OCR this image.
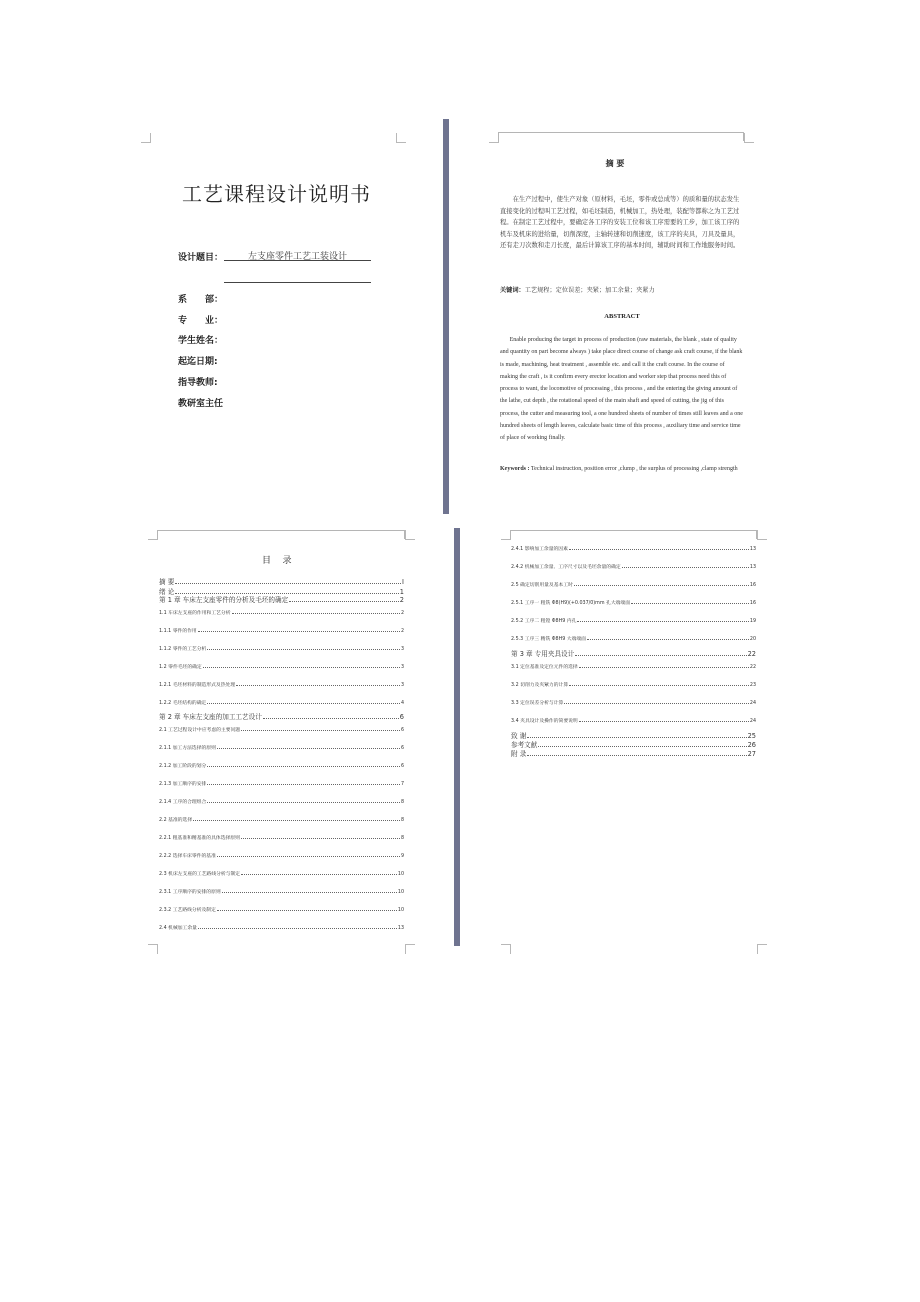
工艺课程设计说明书
设计题目：	左支座零件工艺工装设计
系　　部：
专　　业：
学生姓名：
起迄日期:
指导教师:
教研室主任
摘 要
在生产过程中，使生产对象（原材料，毛坯，零件或总成等）的质和量的状态发生直接变化的过程叫工艺过程，如毛坯制造，机械加工，热处理，装配等都称之为工艺过程。在制定工艺过程中，要确定各工序的安装工位和该工序需要的工步，加工该工序的机车及机床的进给量，切削深度，主轴转速和切削速度，该工序的夹具，刀具及量具，还有走刀次数和走刀长度，最后计算该工序的基本时间，辅助时间和工作地服务时间。
关键词：工艺规程；定位误差；夹紧；加工余量；夹紧力
ABSTRACT
Enable producing the target in process of production (raw materials, the blank , state of quality and quantity on part become always ) take place direct course of change ask craft course, if the blank is made, machining, heat treatment , assemble etc. and call it the craft course. In the course of making the craft , is it confirm every erector location and worker step that process need this of process to want, the locomotive of processing , this process , and the entering the giving amount of the lathe, cut depth , the rotational speed of the main shaft and speed of cutting, the jig of this process, the cutter and measuring tool, a one hundred sheets of number of times still leaves and a one hundred sheets of length leaves, calculate basic time of this process , auxiliary time and service time of place of working finally.
Keywords : Technical instruction, position error ,clump , the surplus of processing ,clamp strength
目    录
摘 要	I
绪 论	1
第 1 章 车床左支座零件的分析及毛坯的确定	2
1.1 车床左支座的作用和工艺分析	2
1.1.1 零件的作用	2
1.1.2 零件的工艺分析	3
1.2 零件毛坯的确定	3
1.2.1 毛坯材料的制造形式及热处理	3
1.2.2 毛坯结构的确定	4
第 2 章 车床左支座的加工工艺设计	6
2.1 工艺过程设计中应考虑的主要问题	6
2.1.1 加工方法选择的原则	6
2.1.2 加工阶段的划分	6
2.1.3 加工顺序的安排	7
2.1.4 工序的合理组合	8
2.2 基准的选择	8
2.2.1 粗基准和精基准的具体选择原则	8
2.2.2 选择车床零件的基准	9
2.3 机床左支座的工艺路线分析与制定	10
2.3.1 工序顺序的安排的原则	10
2.3.2 工艺路线分析及制定	10
2.4 机械加工余量	13
2.4.1 影响加工余量的因素	13
2.4.2 机械加工余量、工序尺寸以及毛坯余量的确定	13
2.5 确定切削用量及基本工时	16
2.5.1 工序一 粗铣 Φ8(H9)(+0.037/0)mm 孔大端端面	16
2.5.2 工序二 粗镗 Φ8H9 内孔	19
2.5.3 工序三 精铣 Φ8H9 大端端面	20
第 3 章 专用夹具设计	22
3.1 定位基准及定位元件的选择	22
3.2 切削力及夹紧力的计算	23
3.3 定位误差分析与计算	24
3.4 夹具设计及操作的简要说明	24
致 谢	25
参考文献	26
附 录	27
